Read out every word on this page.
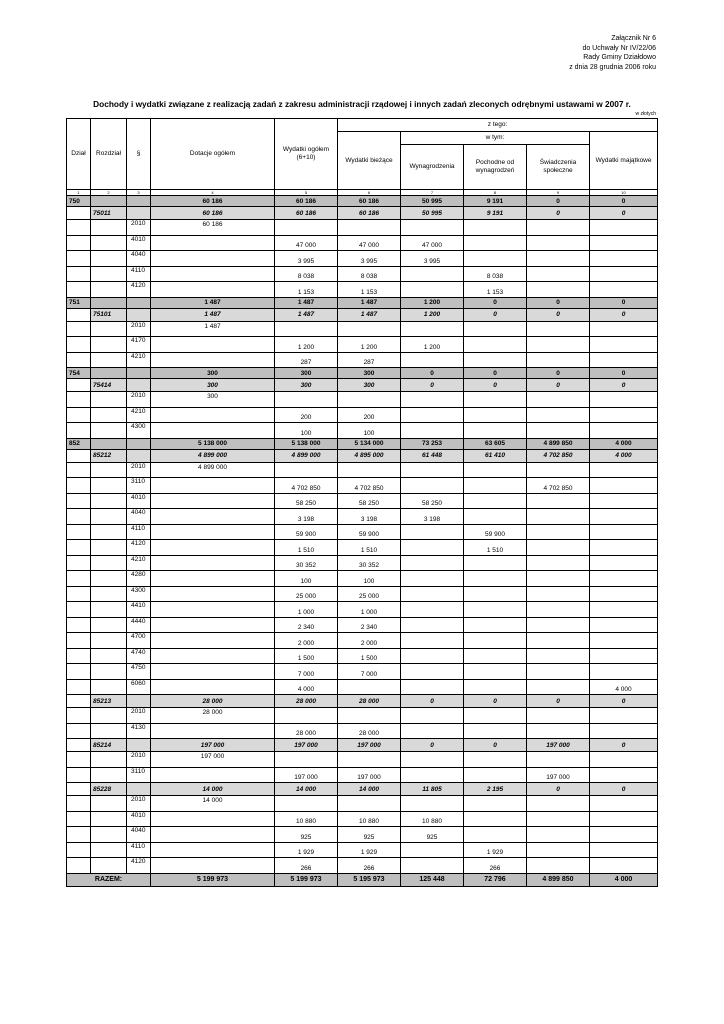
Załącznik Nr 6
do Uchwały Nr IV/22/06
Rady Gminy Działdowo
z dnia 28 grudnia 2006 roku
Dochody i wydatki związane z realizacją zadań z zakresu administracji rządowej i innych zadań zleconych odrębnymi ustawami w 2007 r.
w złotych
Dział	Rozdział	§	Dotacje ogółem	Wydatki ogółem (6+10)	z tego:				
					Wydatki bieżące	w tym:			Wydatki majątkowe
						Wynagrodzenia	Pochodne od wynagrodzeń	Świadczenia społeczne	
1	2	3	4	5	6	7	8	9	10
750			60 186	60 186	60 186	50 995	9 191	0	0
	75011		60 186	60 186	60 186	50 995	9 191	0	0
		2010	60 186						
		4010		47 000	47 000	47 000			
		4040		3 995	3 995	3 995			
		4110		8 038	8 038		8 038		
		4120		1 153	1 153		1 153		
751			1 487	1 487	1 487	1 200	0	0	0
	75101		1 487	1 487	1 487	1 200	0	0	0
		2010	1 487						
		4170		1 200	1 200	1 200			
		4210		287	287				
754			300	300	300	0	0	0	0
	75414		300	300	300	0	0	0	0
		2010	300						
		4210		200	200				
		4300		100	100				
852			5 138 000	5 138 000	5 134 000	73 253	63 605	4 899 850	4 000
	85212		4 899 000	4 899 000	4 895 000	61 448	61 410	4 702 850	4 000
		2010	4 899 000						
		3110		4 702 850	4 702 850			4 702 850	
		4010		58 250	58 250	58 250			
		4040		3 198	3 198	3 198			
		4110		59 900	59 900		59 900		
		4120		1 510	1 510		1 510		
		4210		30 352	30 352				
		4280		100	100				
		4300		25 000	25 000				
		4410		1 000	1 000				
		4440		2 340	2 340				
		4700		2 000	2 000				
		4740		1 500	1 500				
		4750		7 000	7 000				
		6060		4 000					4 000
	85213		28 000	28 000	28 000	0	0	0	0
		2010	28 000						
		4130		28 000	28 000				
	85214		197 000	197 000	197 000	0	0	197 000	0
		2010	197 000						
		3110		197 000	197 000			197 000	
	85228		14 000	14 000	14 000	11 805	2 195	0	0
		2010	14 000						
		4010		10 880	10 880	10 880			
		4040		925	925	925			
		4110		1 929	1 929		1 929		
		4120		266	266		266		
RAZEM:			5 199 973	5 199 973	5 195 973	125 448	72 796	4 899 850	4 000
